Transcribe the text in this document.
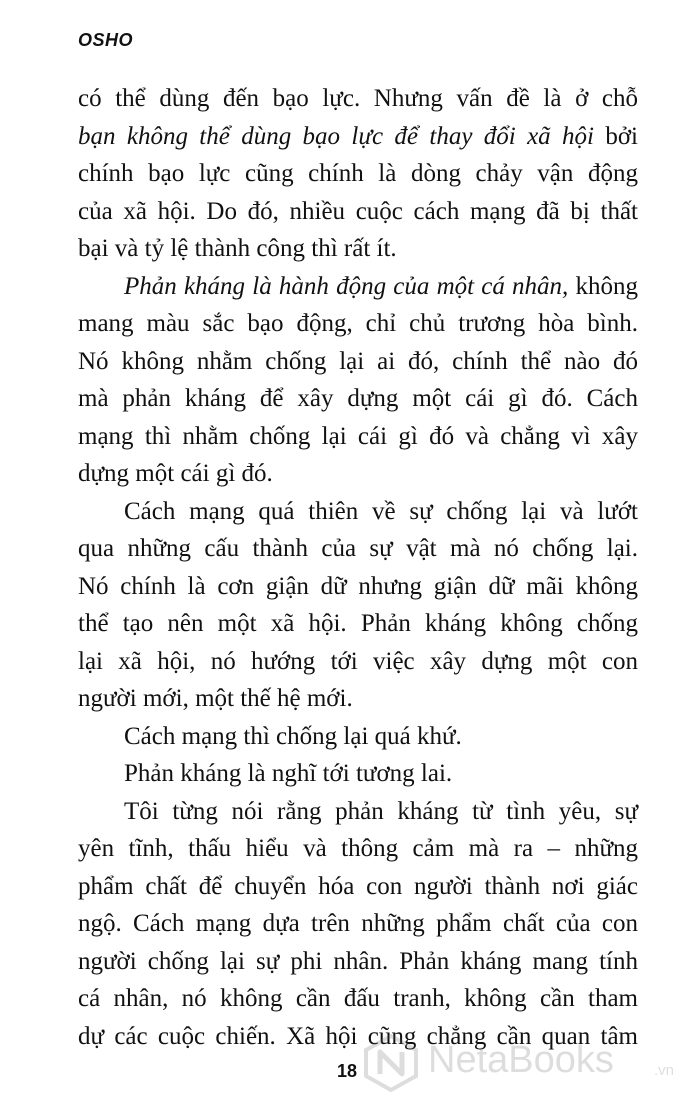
OSHO
có thể dùng đến bạo lực. Nhưng vấn đề là ở chỗ
bạn không thể dùng bạo lực để thay đổi xã hội bởi
chính bạo lực cũng chính là dòng chảy vận động
của xã hội. Do đó, nhiều cuộc cách mạng đã bị thất
bại và tỷ lệ thành công thì rất ít.
Phản kháng là hành động của một cá nhân, không
mang màu sắc bạo động, chỉ chủ trương hòa bình.
Nó không nhằm chống lại ai đó, chính thể nào đó
mà phản kháng để xây dựng một cái gì đó. Cách
mạng thì nhằm chống lại cái gì đó và chẳng vì xây
dựng một cái gì đó.
Cách mạng quá thiên về sự chống lại và lướt
qua những cấu thành của sự vật mà nó chống lại.
Nó chính là cơn giận dữ nhưng giận dữ mãi không
thể tạo nên một xã hội. Phản kháng không chống
lại xã hội, nó hướng tới việc xây dựng một con
người mới, một thế hệ mới.
Cách mạng thì chống lại quá khứ.
Phản kháng là nghĩ tới tương lai.
Tôi từng nói rằng phản kháng từ tình yêu, sự
yên tĩnh, thấu hiểu và thông cảm mà ra – những
phẩm chất để chuyển hóa con người thành nơi giác
ngộ. Cách mạng dựa trên những phẩm chất của con
người chống lại sự phi nhân. Phản kháng mang tính
cá nhân, nó không cần đấu tranh, không cần tham
dự các cuộc chiến. Xã hội cũng chẳng cần quan tâm
18 NetaBooks	.vn
